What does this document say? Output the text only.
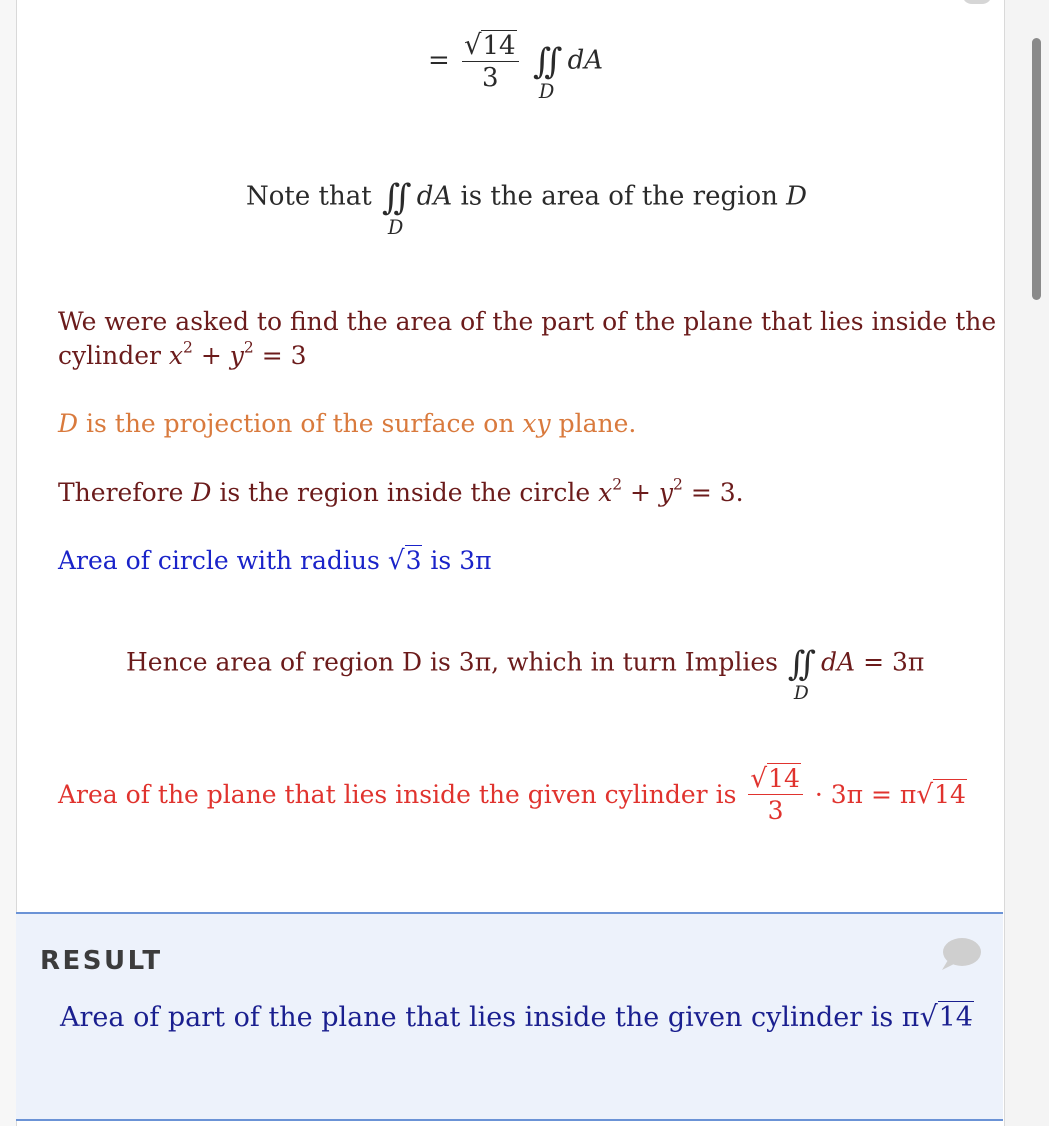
= $\frac{√14}{3}$ ∫∫
D
dA
Note that ∫∫
D
dA is the area of the region D
We were asked to find the area of the part of the plane that lies inside the
cylinder $x^2 + y^2 = 3$
D is the projection of the surface on xy plane.
Therefore D is the region inside the circle $x^2 + y^2 = 3$.
Area of circle with radius √3 is 3π
Hence area of region D is 3π, which in turn Implies ∫∫
D
dA = 3π
Area of the plane that lies inside the given cylinder is $\frac{√14}{3} \cdot 3\pi = \pi√14$
RESULT
Area of part of the plane that lies inside the given cylinder is π√14
